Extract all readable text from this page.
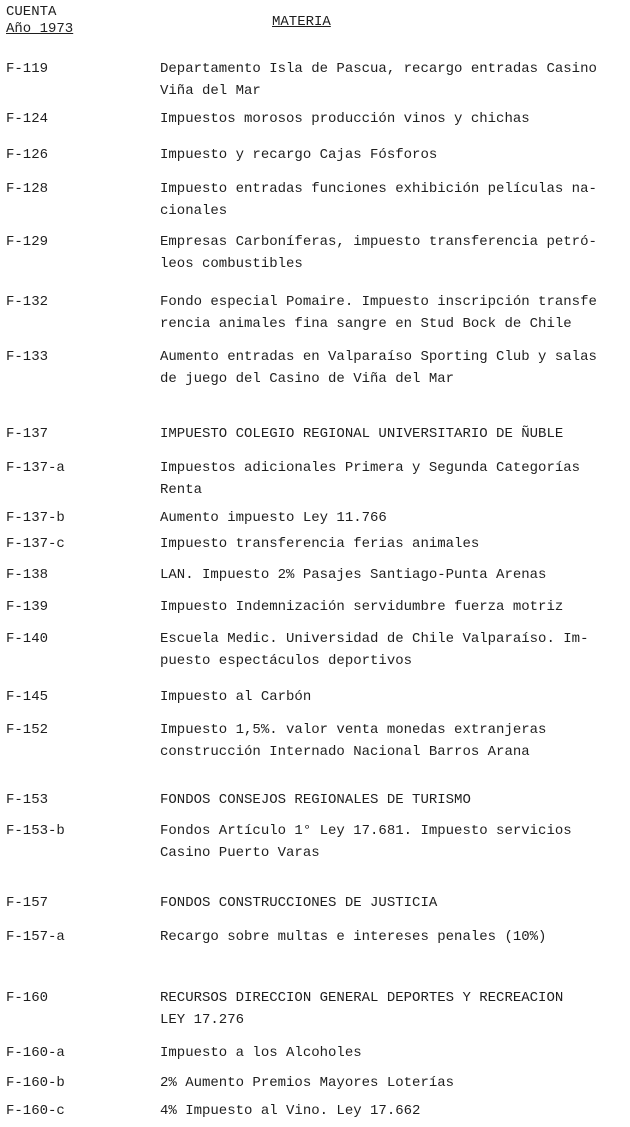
CUENTA
Año 1973	MATERIA
F-119	Departamento Isla de Pascua, recargo entradas Casino
Viña del Mar
F-124	Impuestos morosos producción vinos y chichas
F-126	Impuesto y recargo Cajas Fósforos
F-128	Impuesto entradas funciones exhibición películas na-
cionales
F-129	Empresas Carboníferas, impuesto transferencia petró-
leos combustibles
F-132	Fondo especial Pomaire. Impuesto inscripción transfe
rencia animales fina sangre en Stud Bock de Chile
F-133	Aumento entradas en Valparaíso Sporting Club y salas
de juego del Casino de Viña del Mar
F-137	IMPUESTO COLEGIO REGIONAL UNIVERSITARIO DE ÑUBLE
F-137-a	Impuestos adicionales Primera y Segunda Categorías
Renta
F-137-b	Aumento impuesto Ley 11.766
F-137-c	Impuesto transferencia ferias animales
F-138	LAN. Impuesto 2% Pasajes Santiago-Punta Arenas
F-139	Impuesto Indemnización servidumbre fuerza motriz
F-140	Escuela Medic. Universidad de Chile Valparaíso. Im-
puesto espectáculos deportivos
F-145	Impuesto al Carbón
F-152	Impuesto 1,5%. valor venta monedas extranjeras
construcción Internado Nacional Barros Arana
F-153	FONDOS CONSEJOS REGIONALES DE TURISMO
F-153-b	Fondos Artículo 1° Ley 17.681. Impuesto servicios
Casino Puerto Varas
F-157	FONDOS CONSTRUCCIONES DE JUSTICIA
F-157-a	Recargo sobre multas e intereses penales (10%)
F-160	RECURSOS DIRECCION GENERAL DEPORTES Y RECREACION
LEY 17.276
F-160-a	Impuesto a los Alcoholes
F-160-b	2% Aumento Premios Mayores Loterías
F-160-c	4% Impuesto al Vino. Ley 17.662
